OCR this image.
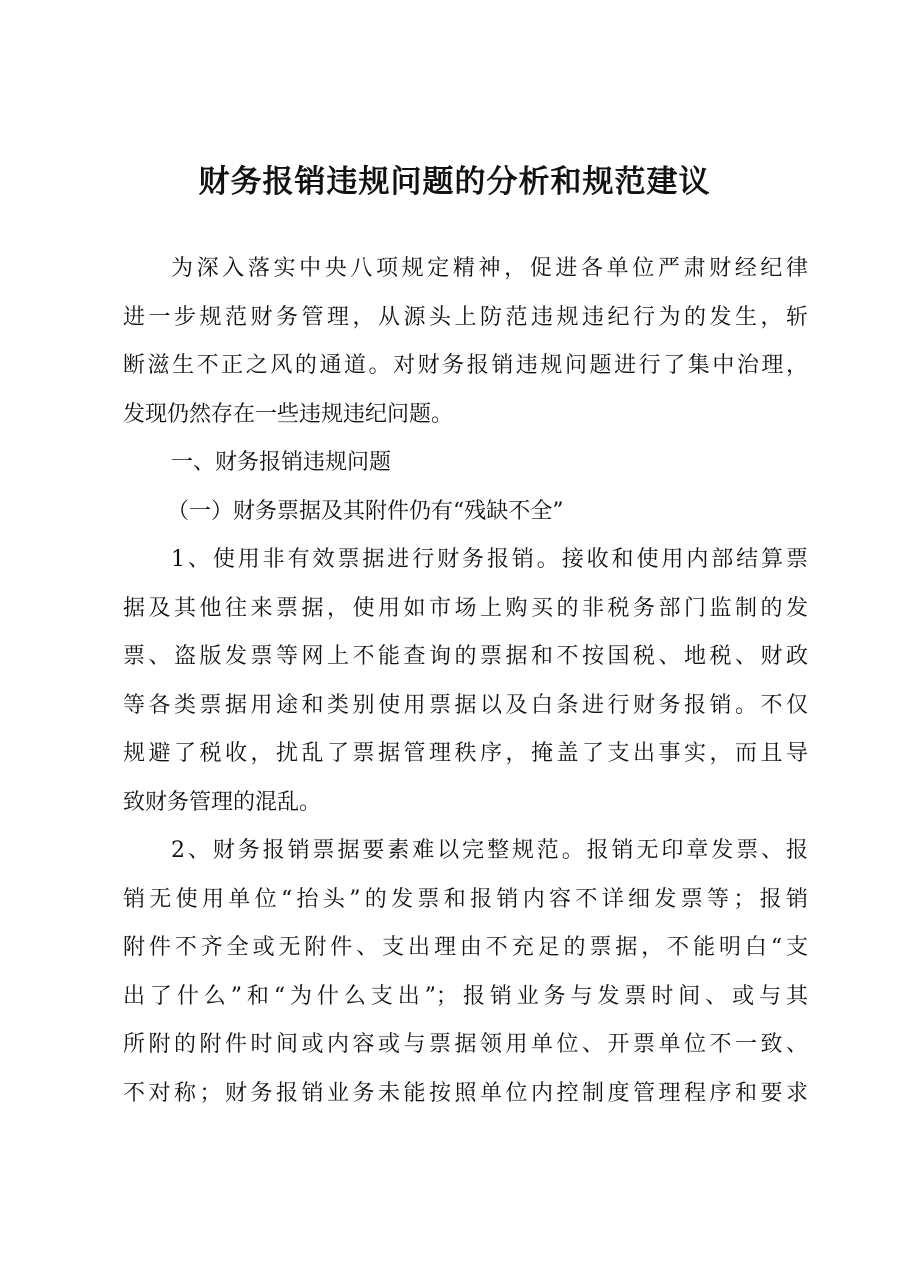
财务报销违规问题的分析和规范建议
为深入落实中央八项规定精神，促进各单位严肃财经纪律
进一步规范财务管理，从源头上防范违规违纪行为的发生，斩
断滋生不正之风的通道。对财务报销违规问题进行了集中治理，
发现仍然存在一些违规违纪问题。
一、财务报销违规问题
（一）财务票据及其附件仍有“残缺不全”
1、使用非有效票据进行财务报销。接收和使用内部结算票
据及其他往来票据，使用如市场上购买的非税务部门监制的发
票、盗版发票等网上不能查询的票据和不按国税、地税、财政
等各类票据用途和类别使用票据以及白条进行财务报销。不仅
规避了税收，扰乱了票据管理秩序，掩盖了支出事实，而且导
致财务管理的混乱。
2、财务报销票据要素难以完整规范。报销无印章发票、报
销无使用单位“抬头”的发票和报销内容不详细发票等；报销
附件不齐全或无附件、支出理由不充足的票据，不能明白“支
出了什么”和“为什么支出”；报销业务与发票时间、或与其
所附的附件时间或内容或与票据领用单位、开票单位不一致、
不对称；财务报销业务未能按照单位内控制度管理程序和要求
